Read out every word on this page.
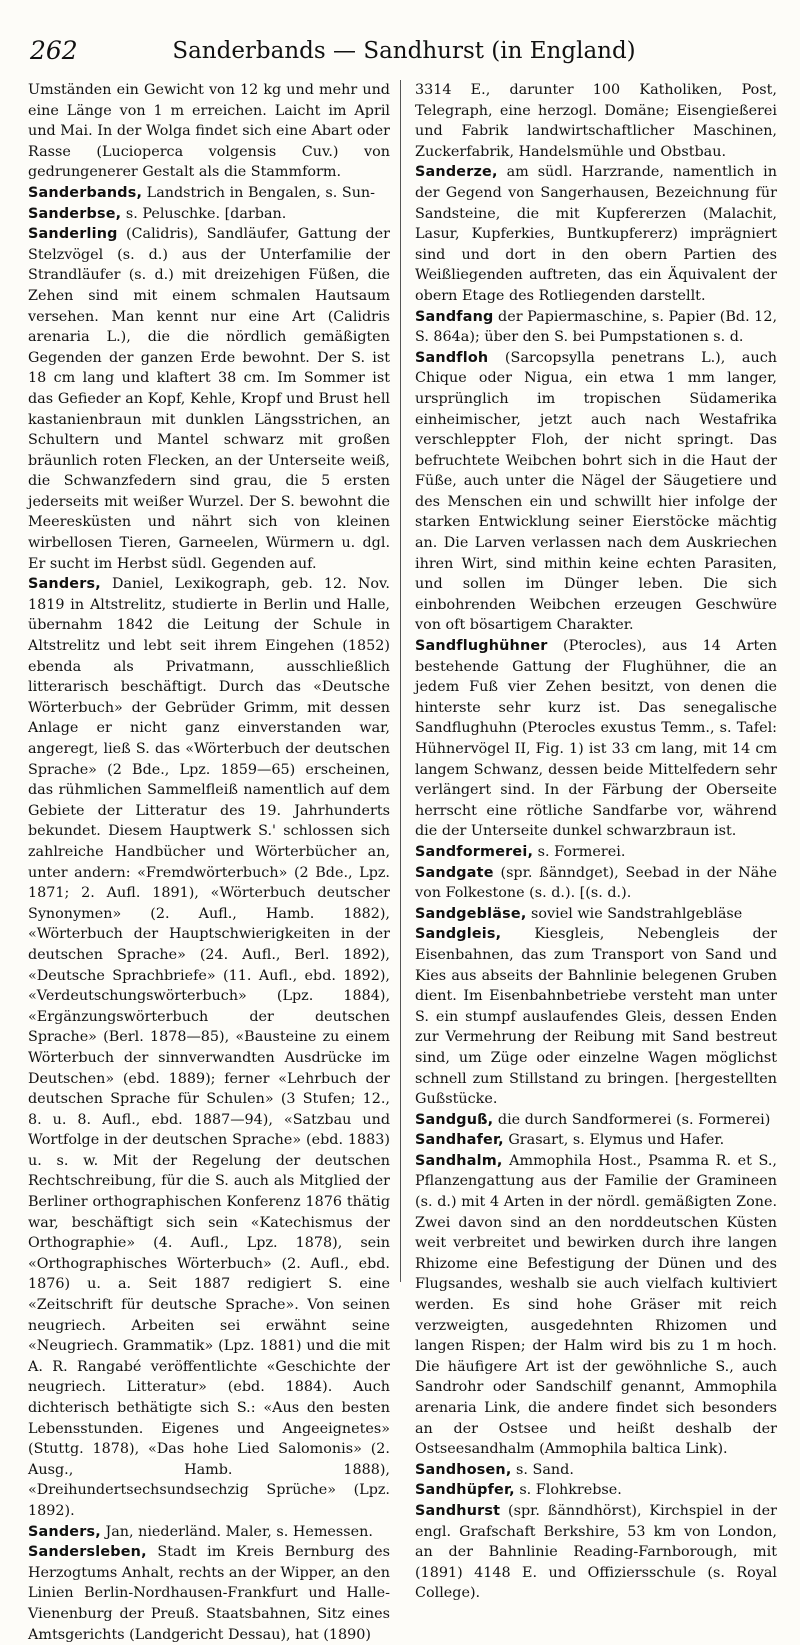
262	Sanderbands — Sandhurst (in England)

Umständen ein Gewicht von 12 kg und mehr und eine Länge von 1 m erreichen. Laicht im April und Mai. In der Wolga findet sich eine Abart oder Rasse (Lucioperca volgensis Cuv.) von gedrungenerer Gestalt als die Stammform.

Sanderbands, Landstrich in Bengalen, s. Sun-

Sanderbse, s. Peluschke. [darban.

Sanderling (Calidris), Sandläufer, Gattung der Stelzvögel (s. d.) aus der Unterfamilie der Strandläufer (s. d.) mit dreizehigen Füßen, die Zehen sind mit einem schmalen Hautsaum versehen. Man kennt nur eine Art (Calidris arenaria L.), die die nördlich gemäßigten Gegenden der ganzen Erde bewohnt. Der S. ist 18 cm lang und klaftert 38 cm. Im Sommer ist das Gefieder an Kopf, Kehle, Kropf und Brust hell kastanienbraun mit dunklen Längsstrichen, an Schultern und Mantel schwarz mit großen bräunlich roten Flecken, an der Unterseite weiß, die Schwanzfedern sind grau, die 5 ersten jederseits mit weißer Wurzel. Der S. bewohnt die Meeresküsten und nährt sich von kleinen wirbellosen Tieren, Garneelen, Würmern u. dgl. Er sucht im Herbst südl. Gegenden auf.

Sanders, Daniel, Lexikograph, geb. 12. Nov. 1819 in Altstrelitz, studierte in Berlin und Halle, übernahm 1842 die Leitung der Schule in Altstrelitz und lebt seit ihrem Eingehen (1852) ebenda als Privatmann, ausschließlich litterarisch beschäftigt. Durch das «Deutsche Wörterbuch» der Gebrüder Grimm, mit dessen Anlage er nicht ganz einverstanden war, angeregt, ließ S. das «Wörterbuch der deutschen Sprache» (2 Bde., Lpz. 1859—65) erscheinen, das rühmlichen Sammelfleiß namentlich auf dem Gebiete der Litteratur des 19. Jahrhunderts bekundet. Diesem Hauptwerk S.' schlossen sich zahlreiche Handbücher und Wörterbücher an, unter andern: «Fremdwörterbuch» (2 Bde., Lpz. 1871; 2. Aufl. 1891), «Wörterbuch deutscher Synonymen» (2. Aufl., Hamb. 1882), «Wörterbuch der Hauptschwierigkeiten in der deutschen Sprache» (24. Aufl., Berl. 1892), «Deutsche Sprachbriefe» (11. Aufl., ebd. 1892), «Verdeutschungswörterbuch» (Lpz. 1884), «Ergänzungswörterbuch der deutschen Sprache» (Berl. 1878—85), «Bausteine zu einem Wörterbuch der sinnverwandten Ausdrücke im Deutschen» (ebd. 1889); ferner «Lehrbuch der deutschen Sprache für Schulen» (3 Stufen; 12., 8. u. 8. Aufl., ebd. 1887—94), «Satzbau und Wortfolge in der deutschen Sprache» (ebd. 1883) u. s. w. Mit der Regelung der deutschen Rechtschreibung, für die S. auch als Mitglied der Berliner orthographischen Konferenz 1876 thätig war, beschäftigt sich sein «Katechismus der Orthographie» (4. Aufl., Lpz. 1878), sein «Orthographisches Wörterbuch» (2. Aufl., ebd. 1876) u. a. Seit 1887 redigiert S. eine «Zeitschrift für deutsche Sprache». Von seinen neugriech. Arbeiten sei erwähnt seine «Neugriech. Grammatik» (Lpz. 1881) und die mit A. R. Rangabé veröffentlichte «Geschichte der neugriech. Litteratur» (ebd. 1884). Auch dichterisch bethätigte sich S.: «Aus den besten Lebensstunden. Eigenes und Angeeignetes» (Stuttg. 1878), «Das hohe Lied Salomonis» (2. Ausg., Hamb. 1888), «Dreihundertsechsundsechzig Sprüche» (Lpz. 1892).

Sanders, Jan, niederländ. Maler, s. Hemessen.

Sandersleben, Stadt im Kreis Bernburg des Herzogtums Anhalt, rechts an der Wipper, an den Linien Berlin-Nordhausen-Frankfurt und Halle-Vienenburg der Preuß. Staatsbahnen, Sitz eines Amtsgerichts (Landgericht Dessau), hat (1890)

3314 E., darunter 100 Katholiken, Post, Telegraph, eine herzogl. Domäne; Eisengießerei und Fabrik landwirtschaftlicher Maschinen, Zuckerfabrik, Handelsmühle und Obstbau.

Sanderze, am südl. Harzrande, namentlich in der Gegend von Sangerhausen, Bezeichnung für Sandsteine, die mit Kupfererzen (Malachit, Lasur, Kupferkies, Buntkupfererz) imprägniert sind und dort in den obern Partien des Weißliegenden auftreten, das ein Äquivalent der obern Etage des Rotliegenden darstellt.

Sandfang der Papiermaschine, s. Papier (Bd. 12, S. 864a); über den S. bei Pumpstationen s. d.

Sandfloh (Sarcopsylla penetrans L.), auch Chique oder Nigua, ein etwa 1 mm langer, ursprünglich im tropischen Südamerika einheimischer, jetzt auch nach Westafrika verschleppter Floh, der nicht springt. Das befruchtete Weibchen bohrt sich in die Haut der Füße, auch unter die Nägel der Säugetiere und des Menschen ein und schwillt hier infolge der starken Entwicklung seiner Eierstöcke mächtig an. Die Larven verlassen nach dem Auskriechen ihren Wirt, sind mithin keine echten Parasiten, und sollen im Dünger leben. Die sich einbohrenden Weibchen erzeugen Geschwüre von oft bösartigem Charakter.

Sandflughühner (Pterocles), aus 14 Arten bestehende Gattung der Flughühner, die an jedem Fuß vier Zehen besitzt, von denen die hinterste sehr kurz ist. Das senegalische Sandflughuhn (Pterocles exustus Temm., s. Tafel: Hühnervögel II, Fig. 1) ist 33 cm lang, mit 14 cm langem Schwanz, dessen beide Mittelfedern sehr verlängert sind. In der Färbung der Oberseite herrscht eine rötliche Sandfarbe vor, während die der Unterseite dunkel schwarzbraun ist.

Sandformerei, s. Formerei.

Sandgate (spr. ßänndget), Seebad in der Nähe von Folkestone (s. d.). [(s. d.).

Sandgebläse, soviel wie Sandstrahlgebläse

Sandgleis, Kiesgleis, Nebengleis der Eisenbahnen, das zum Transport von Sand und Kies aus abseits der Bahnlinie belegenen Gruben dient. Im Eisenbahnbetriebe versteht man unter S. ein stumpf auslaufendes Gleis, dessen Enden zur Vermehrung der Reibung mit Sand bestreut sind, um Züge oder einzelne Wagen möglichst schnell zum Stillstand zu bringen. [hergestellten Gußstücke.

Sandguß, die durch Sandformerei (s. Formerei)

Sandhafer, Grasart, s. Elymus und Hafer.

Sandhalm, Ammophila Host., Psamma R. et S., Pflanzengattung aus der Familie der Gramineen (s. d.) mit 4 Arten in der nördl. gemäßigten Zone. Zwei davon sind an den norddeutschen Küsten weit verbreitet und bewirken durch ihre langen Rhizome eine Befestigung der Dünen und des Flugsandes, weshalb sie auch vielfach kultiviert werden. Es sind hohe Gräser mit reich verzweigten, ausgedehnten Rhizomen und langen Rispen; der Halm wird bis zu 1 m hoch. Die häufigere Art ist der gewöhnliche S., auch Sandrohr oder Sandschilf genannt, Ammophila arenaria Link, die andere findet sich besonders an der Ostsee und heißt deshalb der Ostseesandhalm (Ammophila baltica Link).

Sandhosen, s. Sand.

Sandhüpfer, s. Flohkrebse.

Sandhurst (spr. ßänndhörst), Kirchspiel in der engl. Grafschaft Berkshire, 53 km von London, an der Bahnlinie Reading-Farnborough, mit (1891) 4148 E. und Offiziersschule (s. Royal College).
